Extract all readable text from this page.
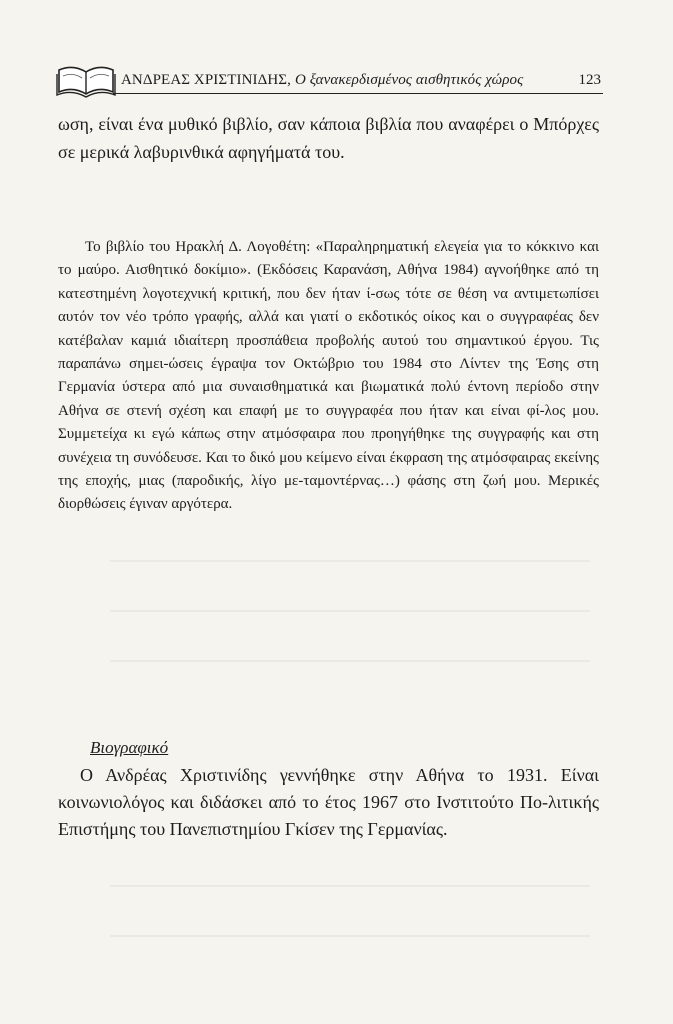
ΑΝΔΡΕΑΣ ΧΡΙΣΤΙΝΙΔΗΣ, Ο ξανακερδισμένος αισθητικός χώρος	123

ωση, είναι ένα μυθικό βιβλίο, σαν κάποια βιβλία που αναφέρει ο Μπόρχες σε μερικά λαβυρινθικά αφηγήματά του.

Το βιβλίο του Ηρακλή Δ. Λογοθέτη: «Παραληρηματική ελεγεία για το κόκκινο και το μαύρο. Αισθητικό δοκίμιο». (Εκδόσεις Καρανάση, Αθήνα 1984) αγνοήθηκε από τη κατεστημένη λογοτεχνική κριτική, που δεν ήταν ί-σως τότε σε θέση να αντιμετωπίσει αυτόν τον νέο τρόπο γραφής, αλλά και γιατί ο εκδοτικός οίκος και ο συγγραφέας δεν κατέβαλαν καμιά ιδιαίτερη προσπάθεια προβολής αυτού του σημαντικού έργου. Τις παραπάνω σημει-ώσεις έγραψα τον Οκτώβριο του 1984 στο Λίντεν της Έσης στη Γερμανία ύστερα από μια συναισθηματικά και βιωματικά πολύ έντονη περίοδο στην Αθήνα σε στενή σχέση και επαφή με το συγγραφέα που ήταν και είναι φί-λος μου. Συμμετείχα κι εγώ κάπως στην ατμόσφαιρα που προηγήθηκε της συγγραφής και στη συνέχεια τη συνόδευσε. Και το δικό μου κείμενο είναι έκφραση της ατμόσφαιρας εκείνης της εποχής, μιας (παροδικής, λίγο με-ταμοντέρνας…) φάσης στη ζωή μου. Μερικές διορθώσεις έγιναν αργότερα.

Βιογραφικό

Ο Ανδρέας Χριστινίδης γεννήθηκε στην Αθήνα το 1931. Είναι κοινωνιολόγος και διδάσκει από το έτος 1967 στο Ινστιτούτο Πο-λιτικής Επιστήμης του Πανεπιστημίου Γκίσεν της Γερμανίας.
